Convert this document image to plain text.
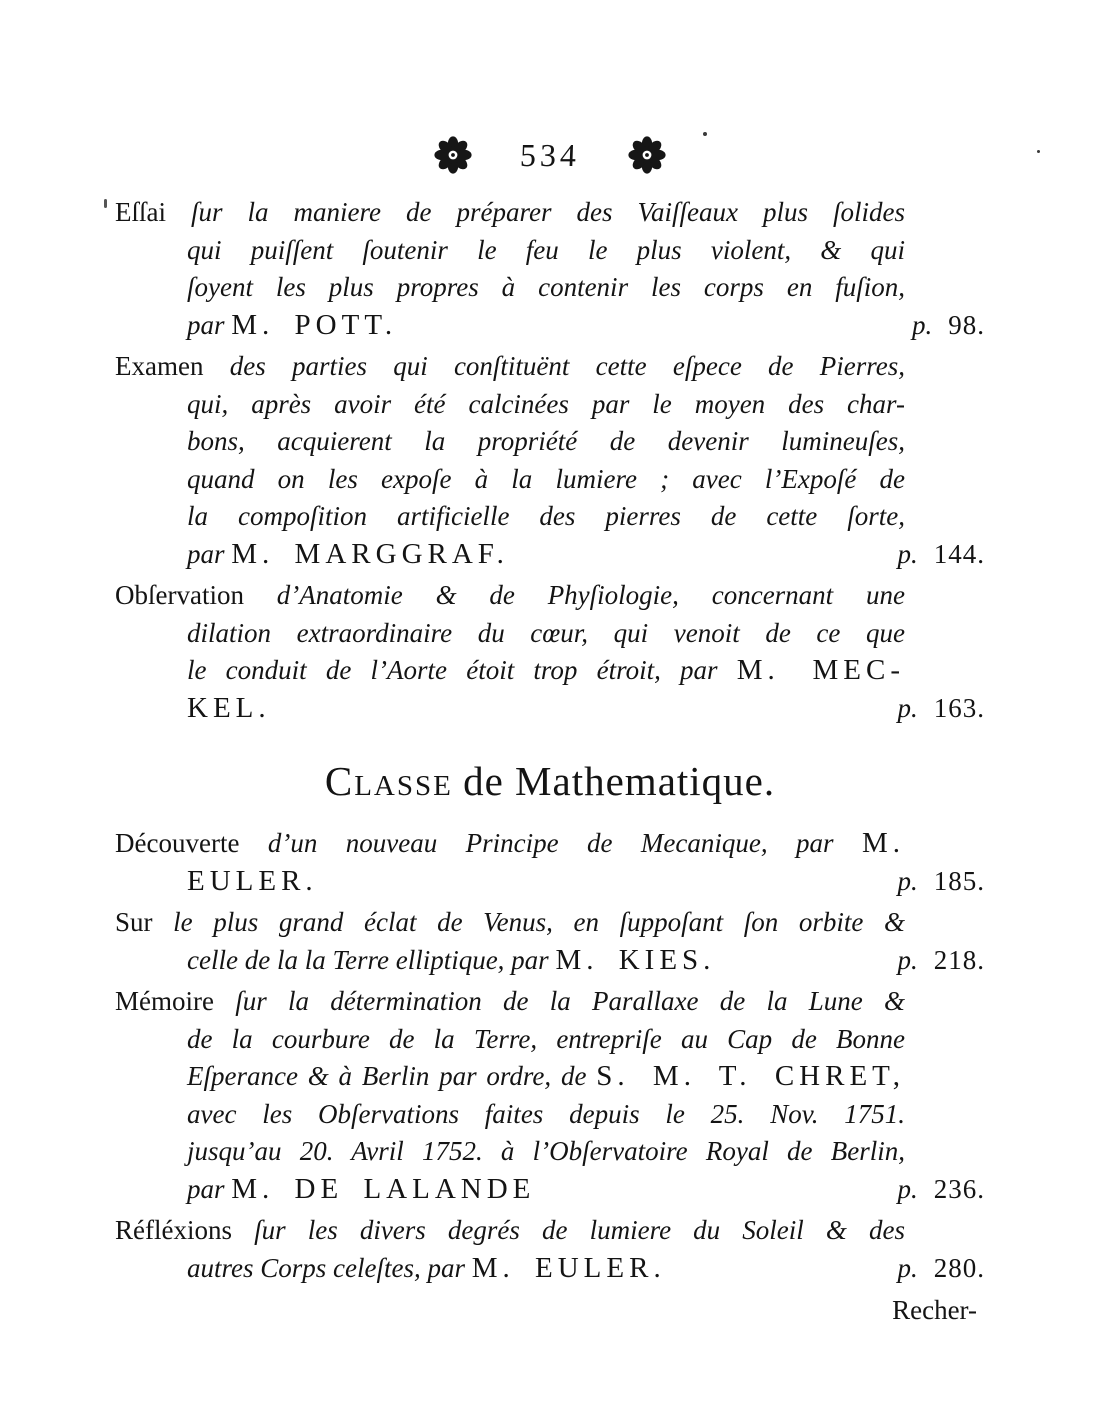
534
Eſſai ſur la maniere de préparer des Vaiſſeaux plus ſolides
qui puiſſent ſoutenir le feu le plus violent, & qui
ſoyent les plus propres à contenir les corps en fuſion,
par M. POTT.	p. 98.
Examen des parties qui conſtituënt cette eſpece de Pierres,
qui, après avoir été calcinées par le moyen des char-
bons, acquierent la propriété de devenir lumineuſes,
quand on les expoſe à la lumiere ; avec l’Expoſé de
la compoſition artificielle des pierres de cette ſorte,
par M. MARGGRAF.	p. 144.
Obſervation d’Anatomie & de Phyſiologie, concernant une
dilation extraordinaire du cœur, qui venoit de ce que
le conduit de l’Aorte étoit trop étroit, par M. MEC-
KEL.	p. 163.
Classe de Mathematique.
Découverte d’un nouveau Principe de Mecanique, par M.
EULER.	p. 185.
Sur le plus grand éclat de Venus, en ſuppoſant ſon orbite &
celle de la la Terre elliptique, par M. KIES.	p. 218.
Mémoire ſur la détermination de la Parallaxe de la Lune &
de la courbure de la Terre, entrepriſe au Cap de Bonne
Eſperance & à Berlin par ordre, de S. M. T. CHRET,
avec les Obſervations faites depuis le 25. Nov. 1751.
jusqu’au 20. Avril 1752. à l’Obſervatoire Royal de Berlin,
par M. DE LALANDE	p. 236.
Réfléxions ſur les divers degrés de lumiere du Soleil & des
autres Corps celeſtes, par M. EULER.	p. 280.
Recher-
